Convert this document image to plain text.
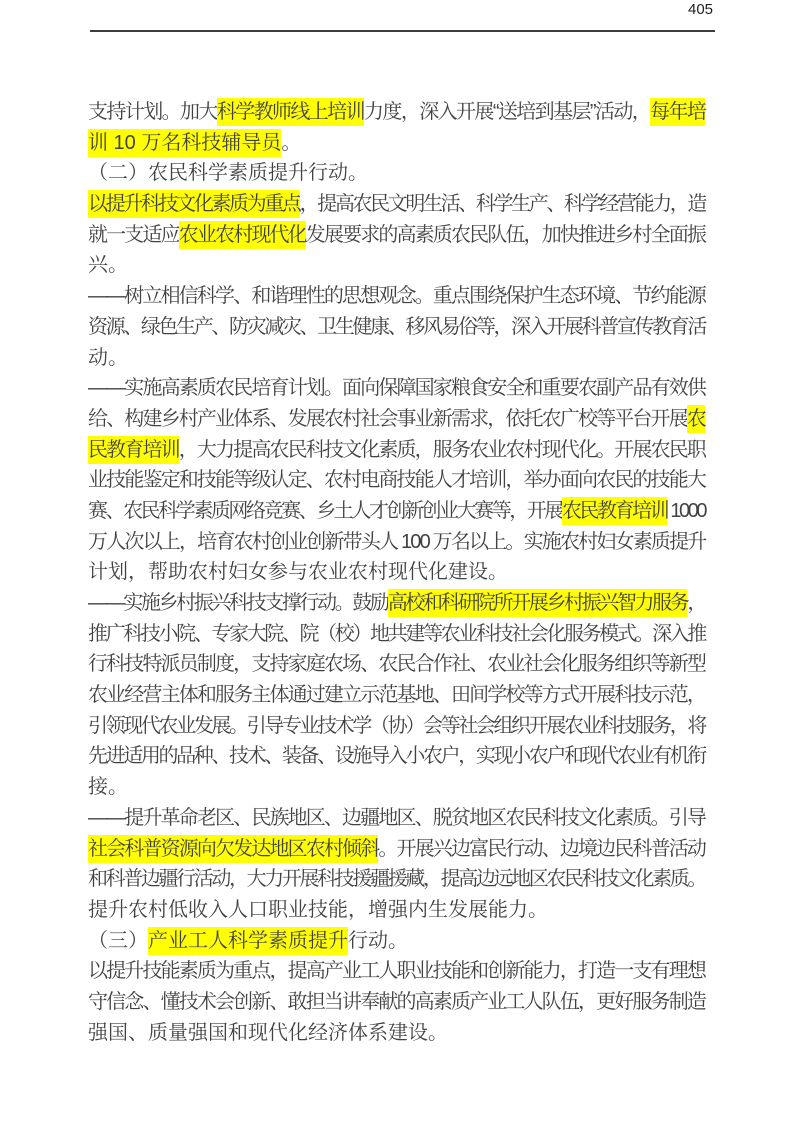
405
支持计划。加大科学教师线上培训力度，深入开展“送培到基层”活动，每年培
训 10 万名科技辅导员。
（二）农民科学素质提升行动。
以提升科技文化素质为重点，提高农民文明生活、科学生产、科学经营能力，造
就一支适应农业农村现代化发展要求的高素质农民队伍，加快推进乡村全面振
兴。
——树立相信科学、和谐理性的思想观念。重点围绕保护生态环境、节约能源
资源、绿色生产、防灾减灾、卫生健康、移风易俗等，深入开展科普宣传教育活
动。
——实施高素质农民培育计划。面向保障国家粮食安全和重要农副产品有效供
给、构建乡村产业体系、发展农村社会事业新需求，依托农广校等平台开展农
民教育培训，大力提高农民科技文化素质，服务农业农村现代化。开展农民职
业技能鉴定和技能等级认定、农村电商技能人才培训，举办面向农民的技能大
赛、农民科学素质网络竞赛、乡土人才创新创业大赛等，开展农民教育培训 1000
万人次以上，培育农村创业创新带头人 100 万名以上。实施农村妇女素质提升
计划，帮助农村妇女参与农业农村现代化建设。
——实施乡村振兴科技支撑行动。鼓励高校和科研院所开展乡村振兴智力服务，
推广科技小院、专家大院、院（校）地共建等农业科技社会化服务模式。深入推
行科技特派员制度，支持家庭农场、农民合作社、农业社会化服务组织等新型
农业经营主体和服务主体通过建立示范基地、田间学校等方式开展科技示范，
引领现代农业发展。引导专业技术学（协）会等社会组织开展农业科技服务，将
先进适用的品种、技术、装备、设施导入小农户，实现小农户和现代农业有机衔
接。
——提升革命老区、民族地区、边疆地区、脱贫地区农民科技文化素质。引导
社会科普资源向欠发达地区农村倾斜。开展兴边富民行动、边境边民科普活动
和科普边疆行活动，大力开展科技援疆援藏，提高边远地区农民科技文化素质。
提升农村低收入人口职业技能，增强内生发展能力。
（三）产业工人科学素质提升行动。
以提升技能素质为重点，提高产业工人职业技能和创新能力，打造一支有理想
守信念、懂技术会创新、敢担当讲奉献的高素质产业工人队伍，更好服务制造
强国、质量强国和现代化经济体系建设。
